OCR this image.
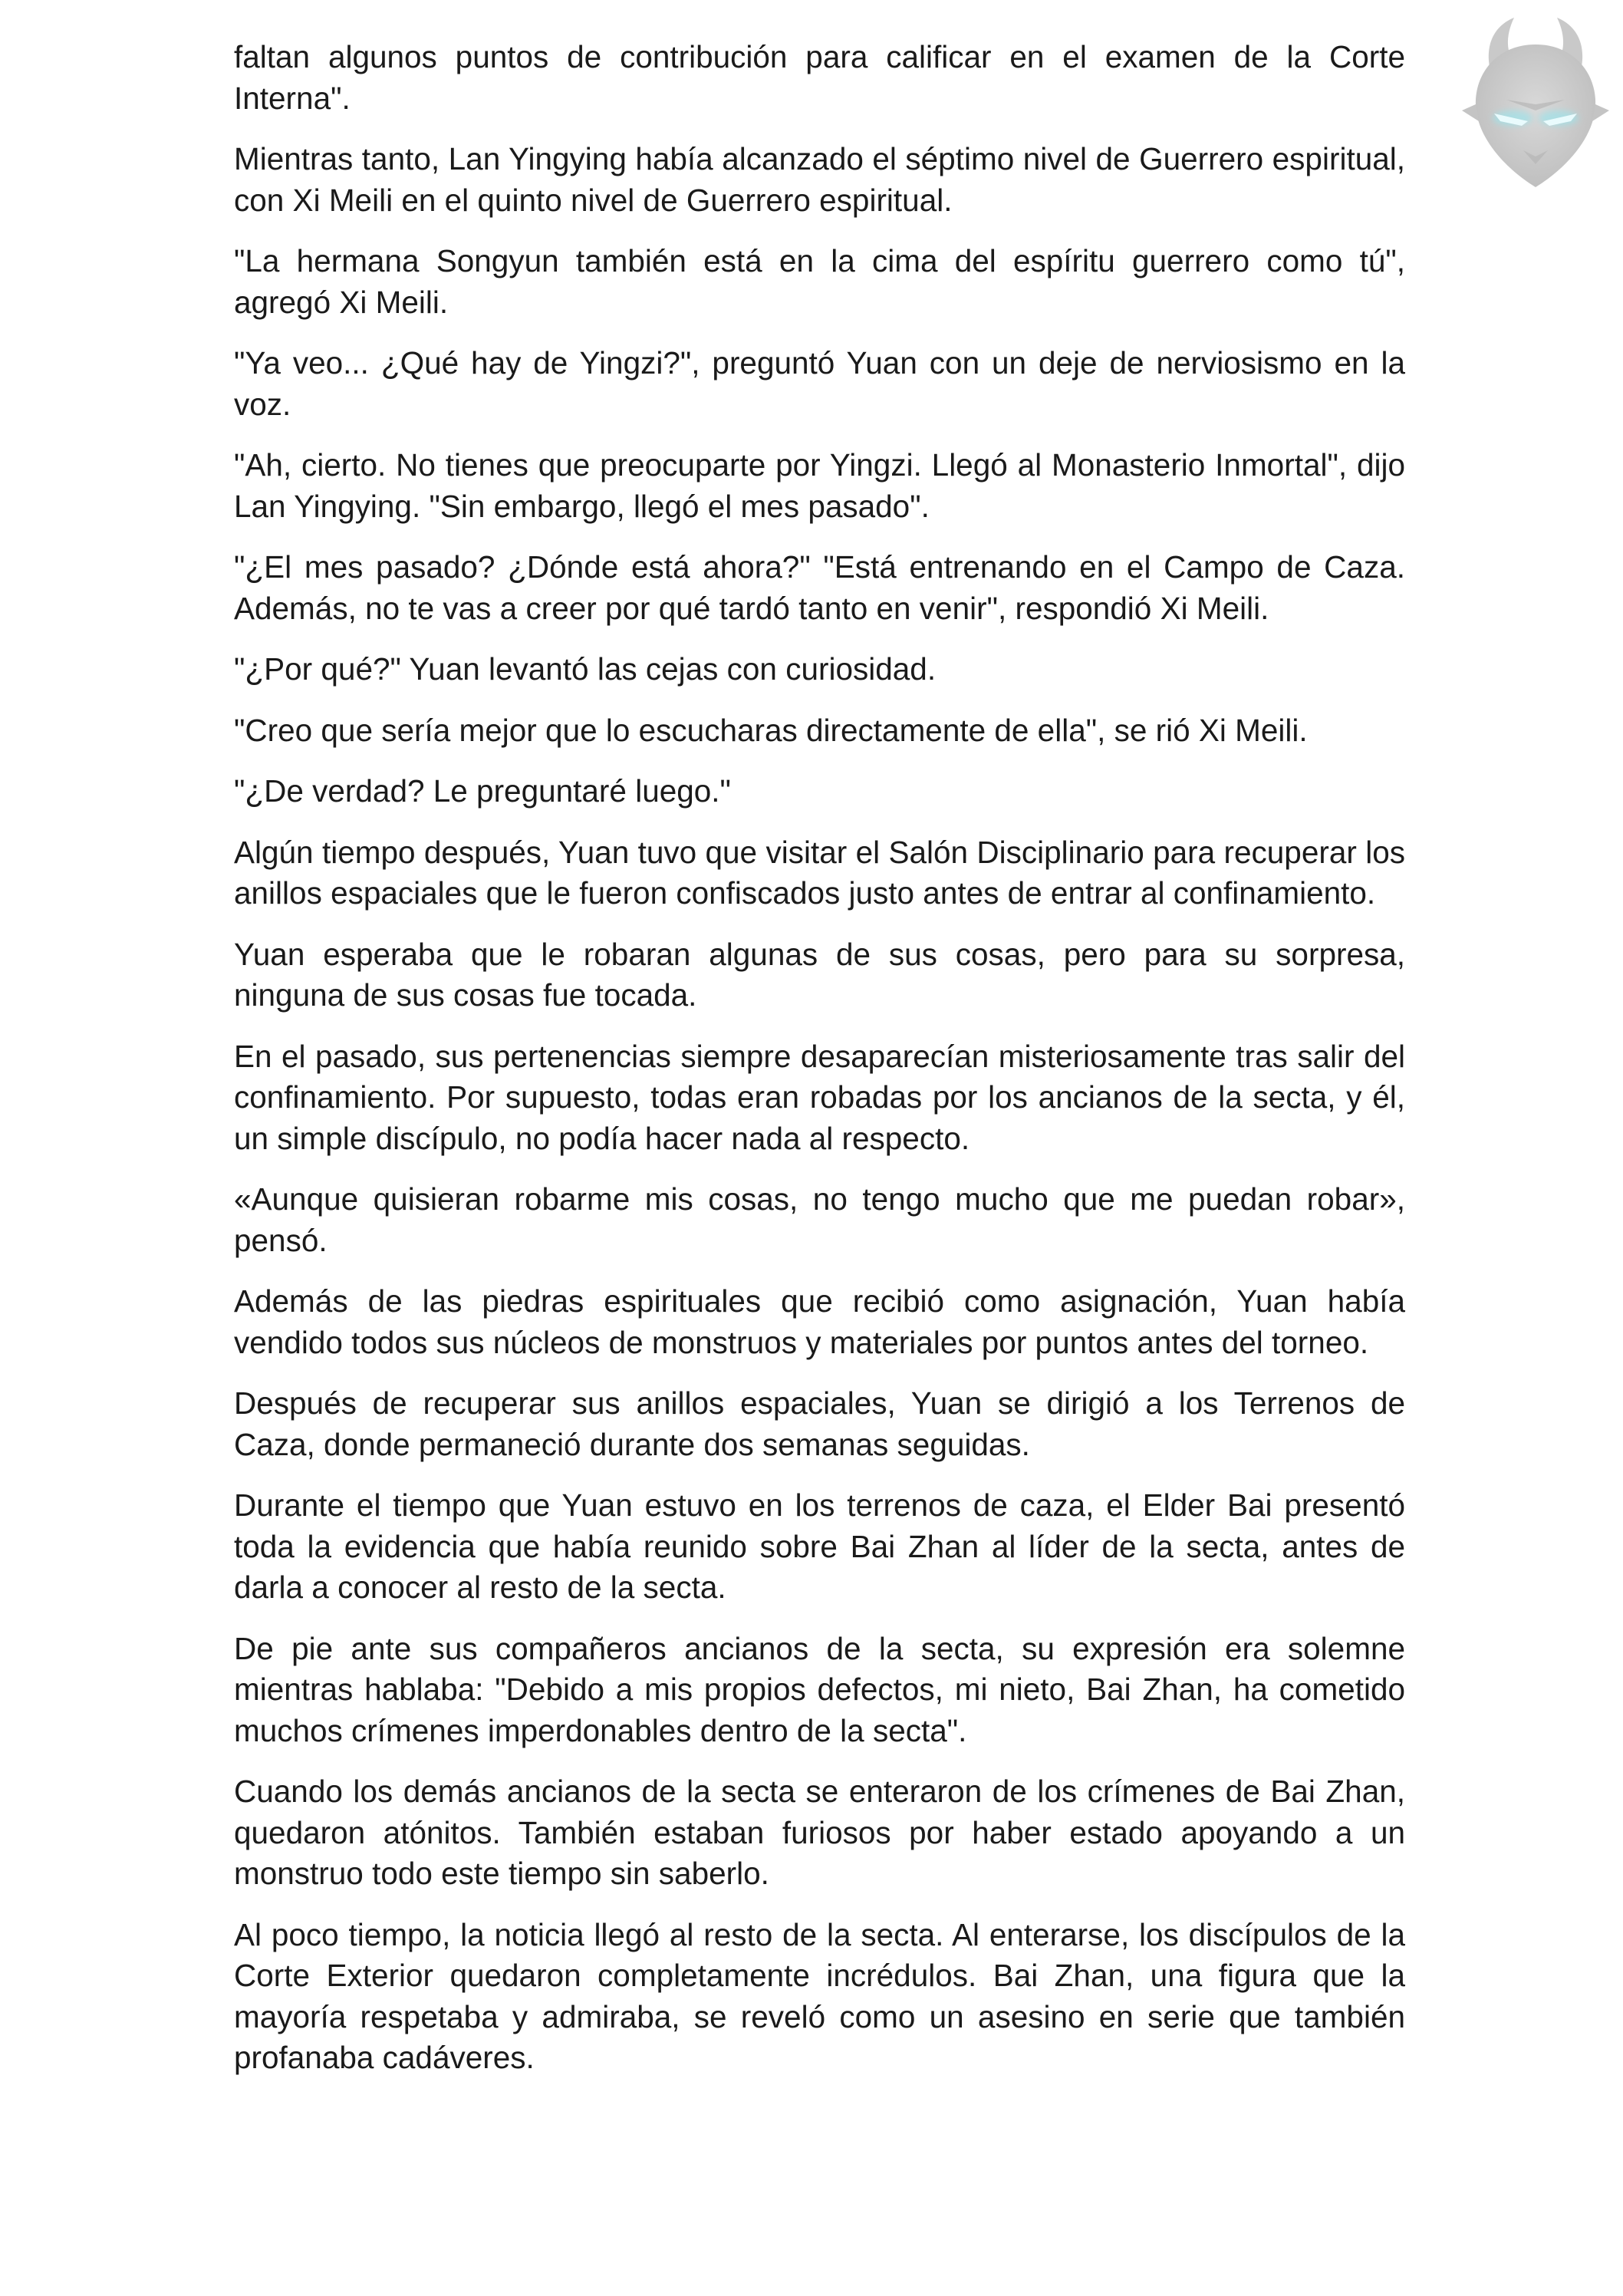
faltan algunos puntos de contribución para calificar en el examen de la Corte Interna".

Mientras tanto, Lan Yingying había alcanzado el séptimo nivel de Guerrero espiritual, con Xi Meili en el quinto nivel de Guerrero espiritual.

"La hermana Songyun también está en la cima del espíritu guerrero como tú", agregó Xi Meili.

"Ya veo... ¿Qué hay de Yingzi?", preguntó Yuan con un deje de nerviosismo en la voz.

"Ah, cierto. No tienes que preocuparte por Yingzi. Llegó al Monasterio Inmortal", dijo Lan Yingying. "Sin embargo, llegó el mes pasado".

"¿El mes pasado? ¿Dónde está ahora?" "Está entrenando en el Campo de Caza. Además, no te vas a creer por qué tardó tanto en venir", respondió Xi Meili.

"¿Por qué?" Yuan levantó las cejas con curiosidad.

"Creo que sería mejor que lo escucharas directamente de ella", se rió Xi Meili.

"¿De verdad? Le preguntaré luego."

Algún tiempo después, Yuan tuvo que visitar el Salón Disciplinario para recuperar los anillos espaciales que le fueron confiscados justo antes de entrar al confinamiento.

Yuan esperaba que le robaran algunas de sus cosas, pero para su sorpresa, ninguna de sus cosas fue tocada.

En el pasado, sus pertenencias siempre desaparecían misteriosamente tras salir del confinamiento. Por supuesto, todas eran robadas por los ancianos de la secta, y él, un simple discípulo, no podía hacer nada al respecto.

«Aunque quisieran robarme mis cosas, no tengo mucho que me puedan robar», pensó.

Además de las piedras espirituales que recibió como asignación, Yuan había vendido todos sus núcleos de monstruos y materiales por puntos antes del torneo.

Después de recuperar sus anillos espaciales, Yuan se dirigió a los Terrenos de Caza, donde permaneció durante dos semanas seguidas.

Durante el tiempo que Yuan estuvo en los terrenos de caza, el Elder Bai presentó toda la evidencia que había reunido sobre Bai Zhan al líder de la secta, antes de darla a conocer al resto de la secta.

De pie ante sus compañeros ancianos de la secta, su expresión era solemne mientras hablaba: "Debido a mis propios defectos, mi nieto, Bai Zhan, ha cometido muchos crímenes imperdonables dentro de la secta".

Cuando los demás ancianos de la secta se enteraron de los crímenes de Bai Zhan, quedaron atónitos. También estaban furiosos por haber estado apoyando a un monstruo todo este tiempo sin saberlo.

Al poco tiempo, la noticia llegó al resto de la secta. Al enterarse, los discípulos de la Corte Exterior quedaron completamente incrédulos. Bai Zhan, una figura que la mayoría respetaba y admiraba, se reveló como un asesino en serie que también profanaba cadáveres.
